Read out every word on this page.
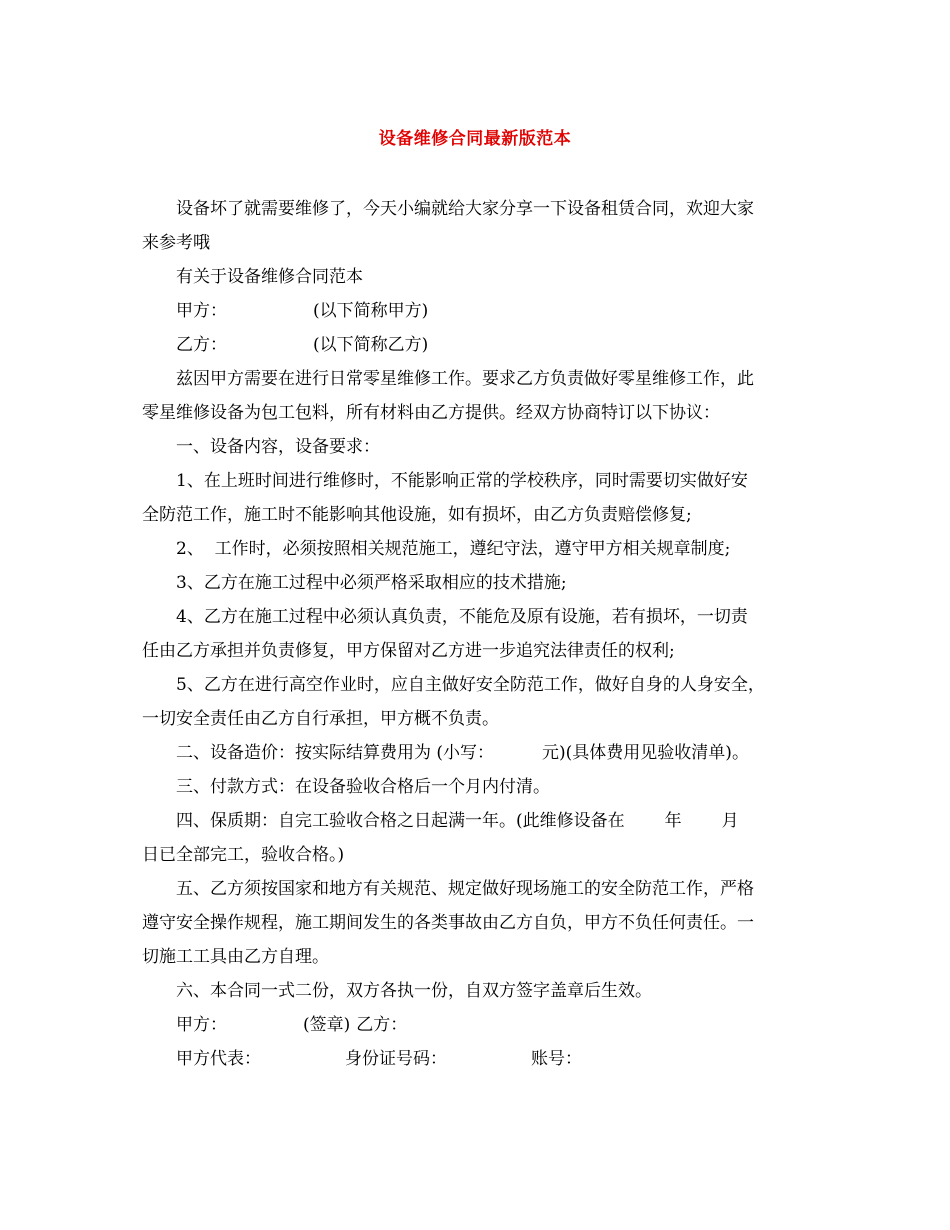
设备维修合同最新版范本
设备坏了就需要维修了，今天小编就给大家分享一下设备租赁合同，欢迎大家
来参考哦
有关于设备维修合同范本
甲方：	(以下简称甲方)
乙方：	(以下简称乙方)
兹因甲方需要在进行日常零星维修工作。要求乙方负责做好零星维修工作，此
零星维修设备为包工包料，所有材料由乙方提供。经双方协商特订以下协议：
一、设备内容，设备要求：
1、在上班时间进行维修时，不能影响正常的学校秩序，同时需要切实做好安
全防范工作，施工时不能影响其他设施，如有损坏，由乙方负责赔偿修复;
2、  工作时，必须按照相关规范施工，遵纪守法，遵守甲方相关规章制度;
3、乙方在施工过程中必须严格采取相应的技术措施;
4、乙方在施工过程中必须认真负责，不能危及原有设施，若有损坏，一切责
任由乙方承担并负责修复，甲方保留对乙方进一步追究法律责任的权利;
5、乙方在进行高空作业时，应自主做好安全防范工作，做好自身的人身安全，
一切安全责任由乙方自行承担，甲方概不负责。
二、设备造价：按实际结算费用为 (小写：	元)(具体费用见验收清单)。
三、付款方式：在设备验收合格后一个月内付清。
四、保质期：自完工验收合格之日起满一年。(此维修设备在 年 月
日已全部完工，验收合格。)
五、乙方须按国家和地方有关规范、规定做好现场施工的安全防范工作，严格
遵守安全操作规程，施工期间发生的各类事故由乙方自负，甲方不负任何责任。一
切施工工具由乙方自理。
六、本合同一式二份，双方各执一份，自双方签字盖章后生效。
甲方：	(签章) 乙方：
甲方代表：	身份证号码：	账号：
